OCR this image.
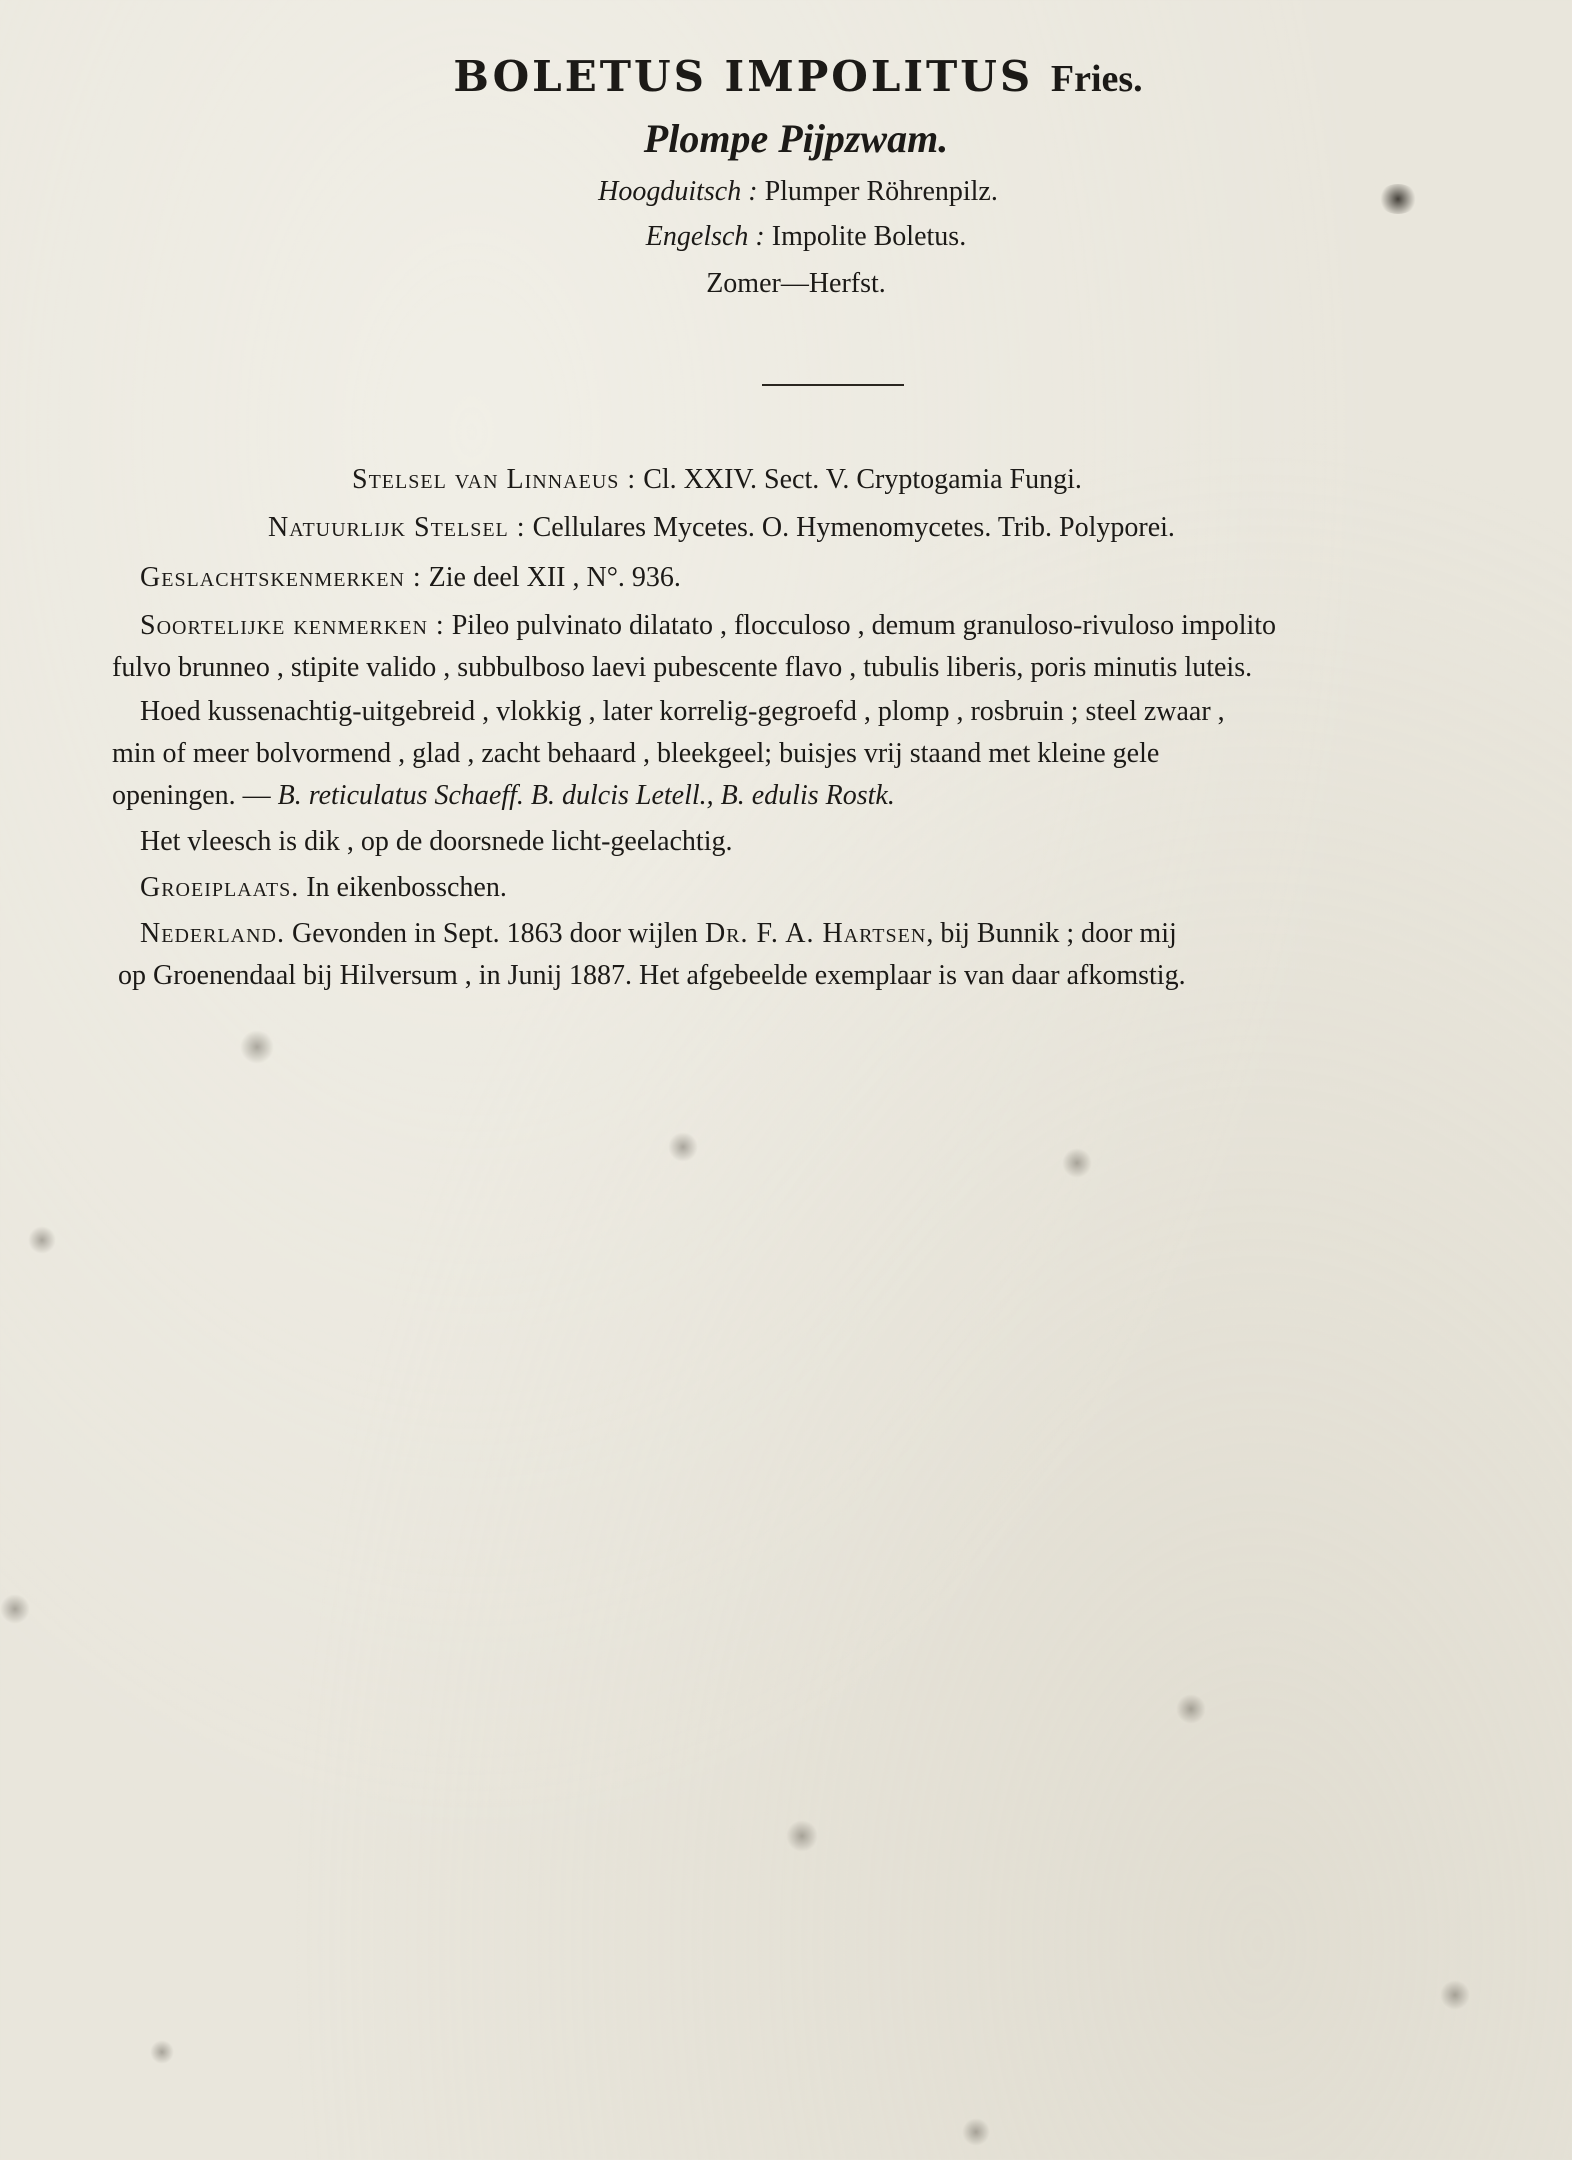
BOLETUS IMPOLITUS Fries.
Plompe Pijpzwam.
Hoogduitsch : Plumper Röhrenpilz.
Engelsch : Impolite Boletus.
Zomer—Herfst.
Stelsel van Linnaeus : Cl. XXIV. Sect. V. Cryptogamia Fungi.
Natuurlijk Stelsel : Cellulares Mycetes. O. Hymenomycetes. Trib. Polyporei.
Geslachtskenmerken : Zie deel XII , N°. 936.
Soortelijke kenmerken : Pileo pulvinato dilatato , flocculoso , demum granuloso-rivuloso impolito
fulvo brunneo , stipite valido , subbulboso laevi pubescente flavo , tubulis liberis, poris minutis luteis.
Hoed kussenachtig-uitgebreid , vlokkig , later korrelig-gegroefd , plomp , rosbruin ; steel zwaar ,
min of meer bolvormend , glad , zacht behaard , bleekgeel; buisjes vrij staand met kleine gele
openingen. — B. reticulatus Schaeff. B. dulcis Letell., B. edulis Rostk.
Het vleesch is dik , op de doorsnede licht-geelachtig.
Groeiplaats. In eikenbosschen.
Nederland. Gevonden in Sept. 1863 door wijlen Dr. F. A. Hartsen, bij Bunnik ; door mij
op Groenendaal bij Hilversum , in Junij 1887. Het afgebeelde exemplaar is van daar afkomstig.
